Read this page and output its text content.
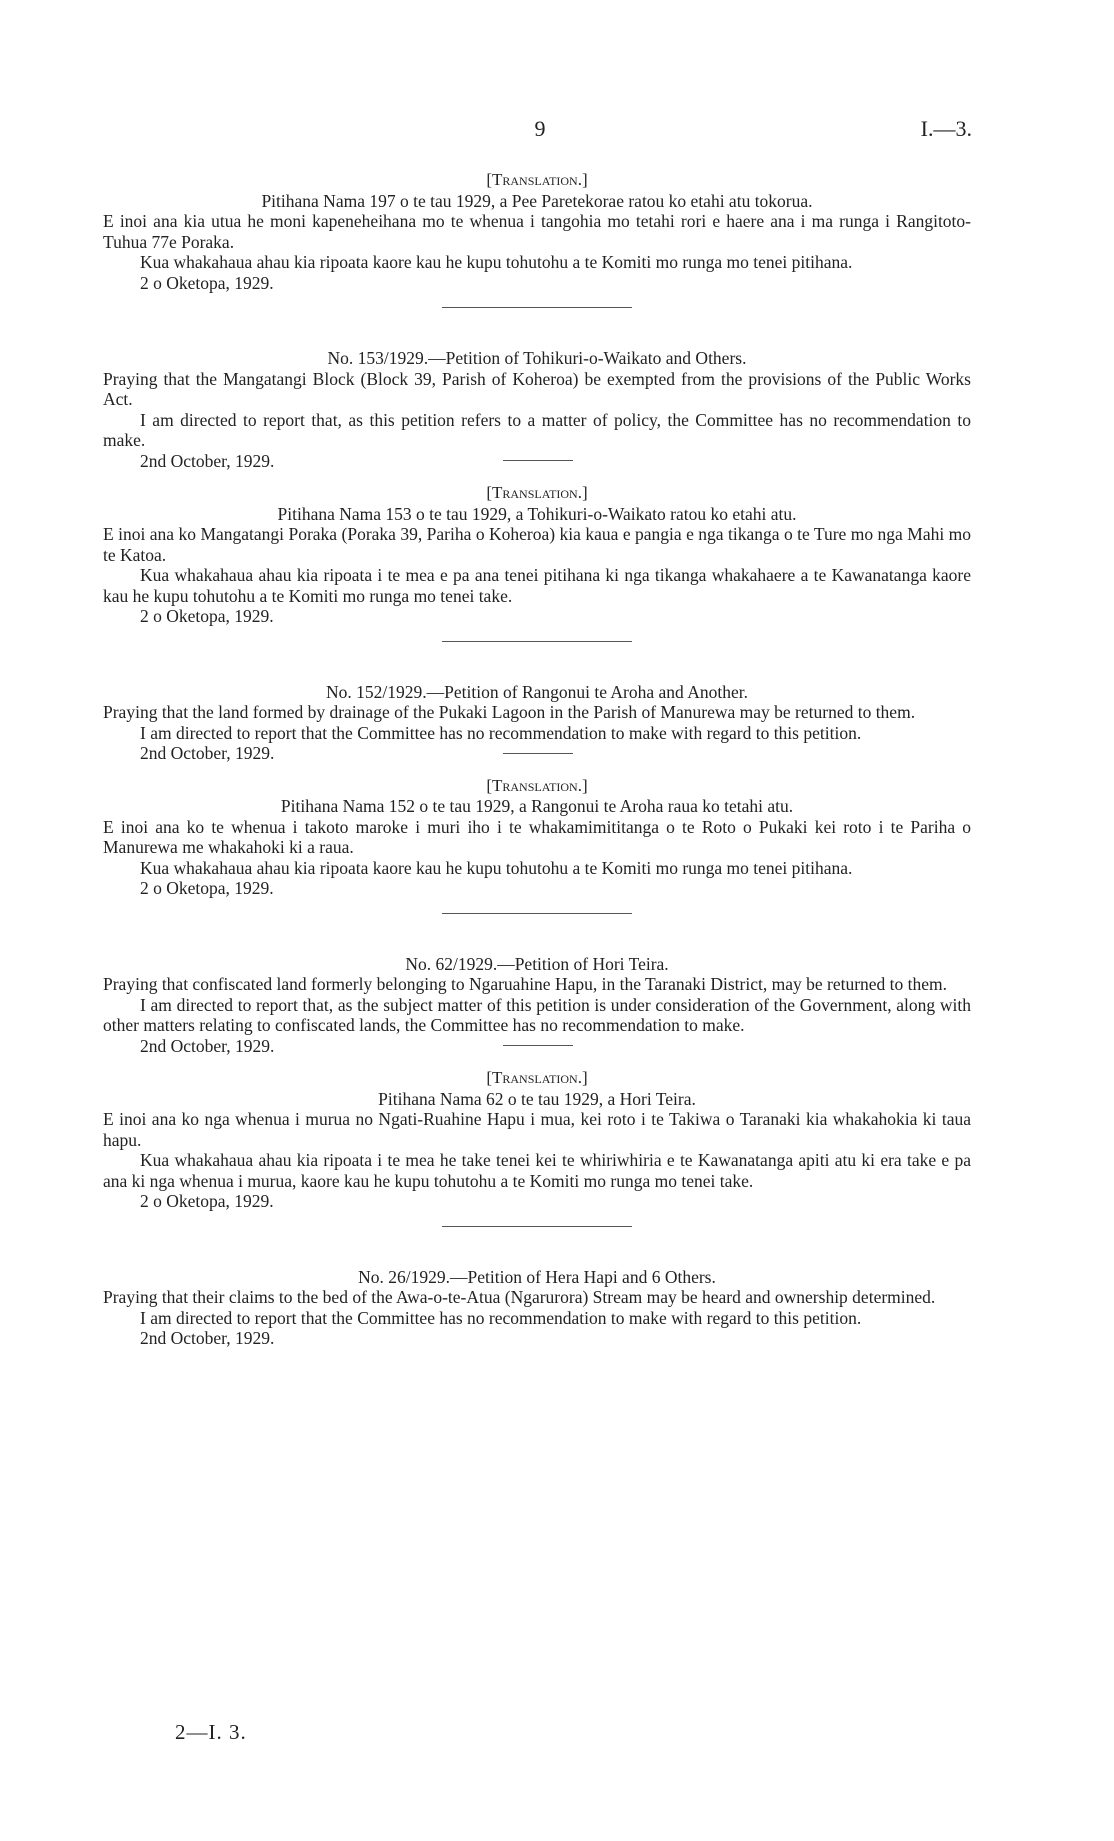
9	I.—3.
[Translation.]

Pitihana Nama 197 o te tau 1929, a Pee Paretekorae ratou ko etahi atu tokorua.

E inoi ana kia utua he moni kapeneheihana mo te whenua i tangohia mo tetahi rori e haere ana i ma runga i Rangitoto-Tuhua 77e Poraka.

Kua whakahaua ahau kia ripoata kaore kau he kupu tohutohu a te Komiti mo runga mo tenei pitihana.

2 o Oketopa, 1929.

No. 153/1929.—Petition of Tohikuri-o-Waikato and Others.

Praying that the Mangatangi Block (Block 39, Parish of Koheroa) be exempted from the provisions of the Public Works Act.

I am directed to report that, as this petition refers to a matter of policy, the Committee has no recommendation to make.

2nd October, 1929.

[Translation.]

Pitihana Nama 153 o te tau 1929, a Tohikuri-o-Waikato ratou ko etahi atu.

E inoi ana ko Mangatangi Poraka (Poraka 39, Pariha o Koheroa) kia kaua e pangia e nga tikanga o te Ture mo nga Mahi mo te Katoa.

Kua whakahaua ahau kia ripoata i te mea e pa ana tenei pitihana ki nga tikanga whakahaere a te Kawanatanga kaore kau he kupu tohutohu a te Komiti mo runga mo tenei take.

2 o Oketopa, 1929.

No. 152/1929.—Petition of Rangonui te Aroha and Another.

Praying that the land formed by drainage of the Pukaki Lagoon in the Parish of Manurewa may be returned to them.

I am directed to report that the Committee has no recommendation to make with regard to this petition.

2nd October, 1929.

[Translation.]

Pitihana Nama 152 o te tau 1929, a Rangonui te Aroha raua ko tetahi atu.

E inoi ana ko te whenua i takoto maroke i muri iho i te whakamimititanga o te Roto o Pukaki kei roto i te Pariha o Manurewa me whakahoki ki a raua.

Kua whakahaua ahau kia ripoata kaore kau he kupu tohutohu a te Komiti mo runga mo tenei pitihana.

2 o Oketopa, 1929.

No. 62/1929.—Petition of Hori Teira.

Praying that confiscated land formerly belonging to Ngaruahine Hapu, in the Taranaki District, may be returned to them.

I am directed to report that, as the subject matter of this petition is under consideration of the Government, along with other matters relating to confiscated lands, the Committee has no recommendation to make.

2nd October, 1929.

[Translation.]

Pitihana Nama 62 o te tau 1929, a Hori Teira.

E inoi ana ko nga whenua i murua no Ngati-Ruahine Hapu i mua, kei roto i te Takiwa o Taranaki kia whakahokia ki taua hapu.

Kua whakahaua ahau kia ripoata i te mea he take tenei kei te whiriwhiria e te Kawanatanga apiti atu ki era take e pa ana ki nga whenua i murua, kaore kau he kupu tohutohu a te Komiti mo runga mo tenei take.

2 o Oketopa, 1929.

No. 26/1929.—Petition of Hera Hapi and 6 Others.

Praying that their claims to the bed of the Awa-o-te-Atua (Ngarurora) Stream may be heard and ownership determined.

I am directed to report that the Committee has no recommendation to make with regard to this petition.

2nd October, 1929.

2—I. 3.
